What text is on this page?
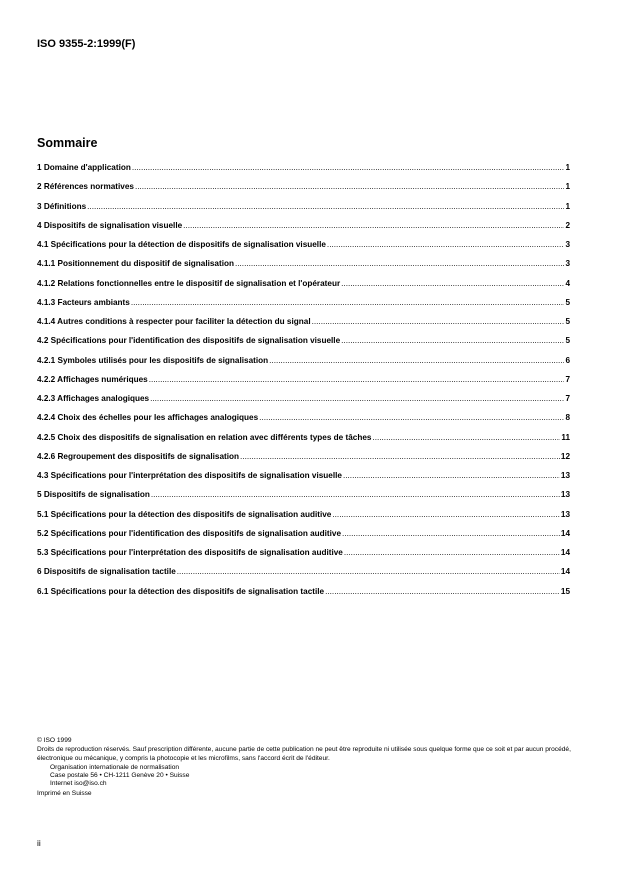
ISO 9355-2:1999(F)
Sommaire
1 Domaine d'application .....	1
2 Références normatives .....	1
3 Définitions .....	1
4 Dispositifs de signalisation visuelle .....	2
4.1 Spécifications pour la détection de dispositifs de signalisation visuelle .....	3
4.1.1 Positionnement du dispositif de signalisation .....	3
4.1.2 Relations fonctionnelles entre le dispositif de signalisation et l'opérateur .....	4
4.1.3 Facteurs ambiants .....	5
4.1.4 Autres conditions à respecter pour faciliter la détection du signal .....	5
4.2 Spécifications pour l'identification des dispositifs de signalisation visuelle .....	5
4.2.1 Symboles utilisés pour les dispositifs de signalisation .....	6
4.2.2 Affichages numériques .....	7
4.2.3 Affichages analogiques .....	7
4.2.4 Choix des échelles pour les affichages analogiques .....	8
4.2.5 Choix des dispositifs de signalisation en relation avec différents types de tâches .....	11
4.2.6 Regroupement des dispositifs de signalisation .....	12
4.3 Spécifications pour l'interprétation des dispositifs de signalisation visuelle .....	13
5 Dispositifs de signalisation .....	13
5.1 Spécifications pour la détection des dispositifs de signalisation auditive .....	13
5.2 Spécifications pour l'identification des dispositifs de signalisation auditive .....	14
5.3 Spécifications pour l'interprétation des dispositifs de signalisation auditive .....	14
6 Dispositifs de signalisation tactile .....	14
6.1 Spécifications pour la détection des dispositifs de signalisation tactile .....	15
© ISO 1999
Droits de reproduction réservés. Sauf prescription différente, aucune partie de cette publication ne peut être reproduite ni utilisée sous quelque forme que ce soit et par aucun procédé, électronique ou mécanique, y compris la photocopie et les microfilms, sans l'accord écrit de l'éditeur.
Organisation internationale de normalisation
Case postale 56 • CH-1211 Genève 20 • Suisse
Internet iso@iso.ch
Imprimé en Suisse
ii
